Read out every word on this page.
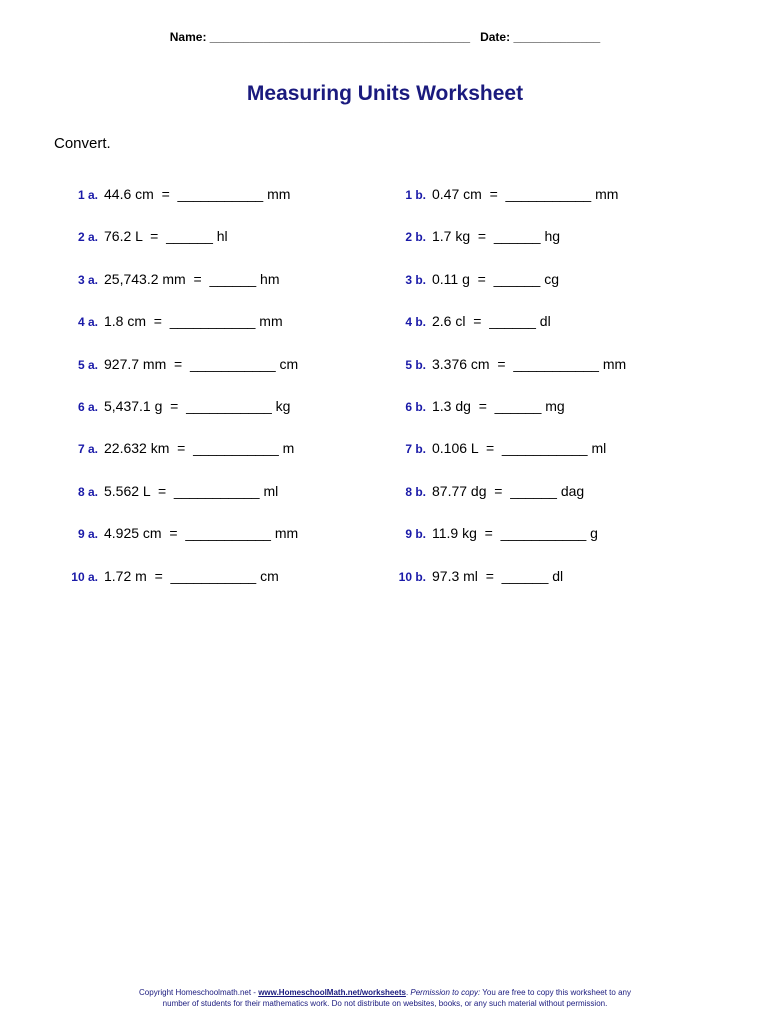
Name: _______________________________________ Date: _____________
Measuring Units Worksheet
Convert.
1 a. 44.6 cm  =  ___________ mm
2 a. 76.2 L  =  ______ hl
3 a. 25,743.2 mm  =  ______ hm
4 a. 1.8 cm  =  ___________ mm
5 a. 927.7 mm  =  ___________ cm
6 a. 5,437.1 g  =  ___________ kg
7 a. 22.632 km  =  ___________ m
8 a. 5.562 L  =  ___________ ml
9 a. 4.925 cm  =  ___________ mm
10 a. 1.72 m  =  ___________ cm
1 b. 0.47 cm  =  ___________ mm
2 b. 1.7 kg  =  ______ hg
3 b. 0.11 g  =  ______ cg
4 b. 2.6 cl  =  ______ dl
5 b. 3.376 cm  =  ___________ mm
6 b. 1.3 dg  =  ______ mg
7 b. 0.106 L  =  ___________ ml
8 b. 87.77 dg  =  ______ dag
9 b. 11.9 kg  =  ___________ g
10 b. 97.3 ml  =  ______ dl
Copyright Homeschoolmath.net - www.HomeschoolMath.net/worksheets. Permission to copy: You are free to copy this worksheet to any
number of students for their mathematics work. Do not distribute on websites, books, or any such material without permission.
